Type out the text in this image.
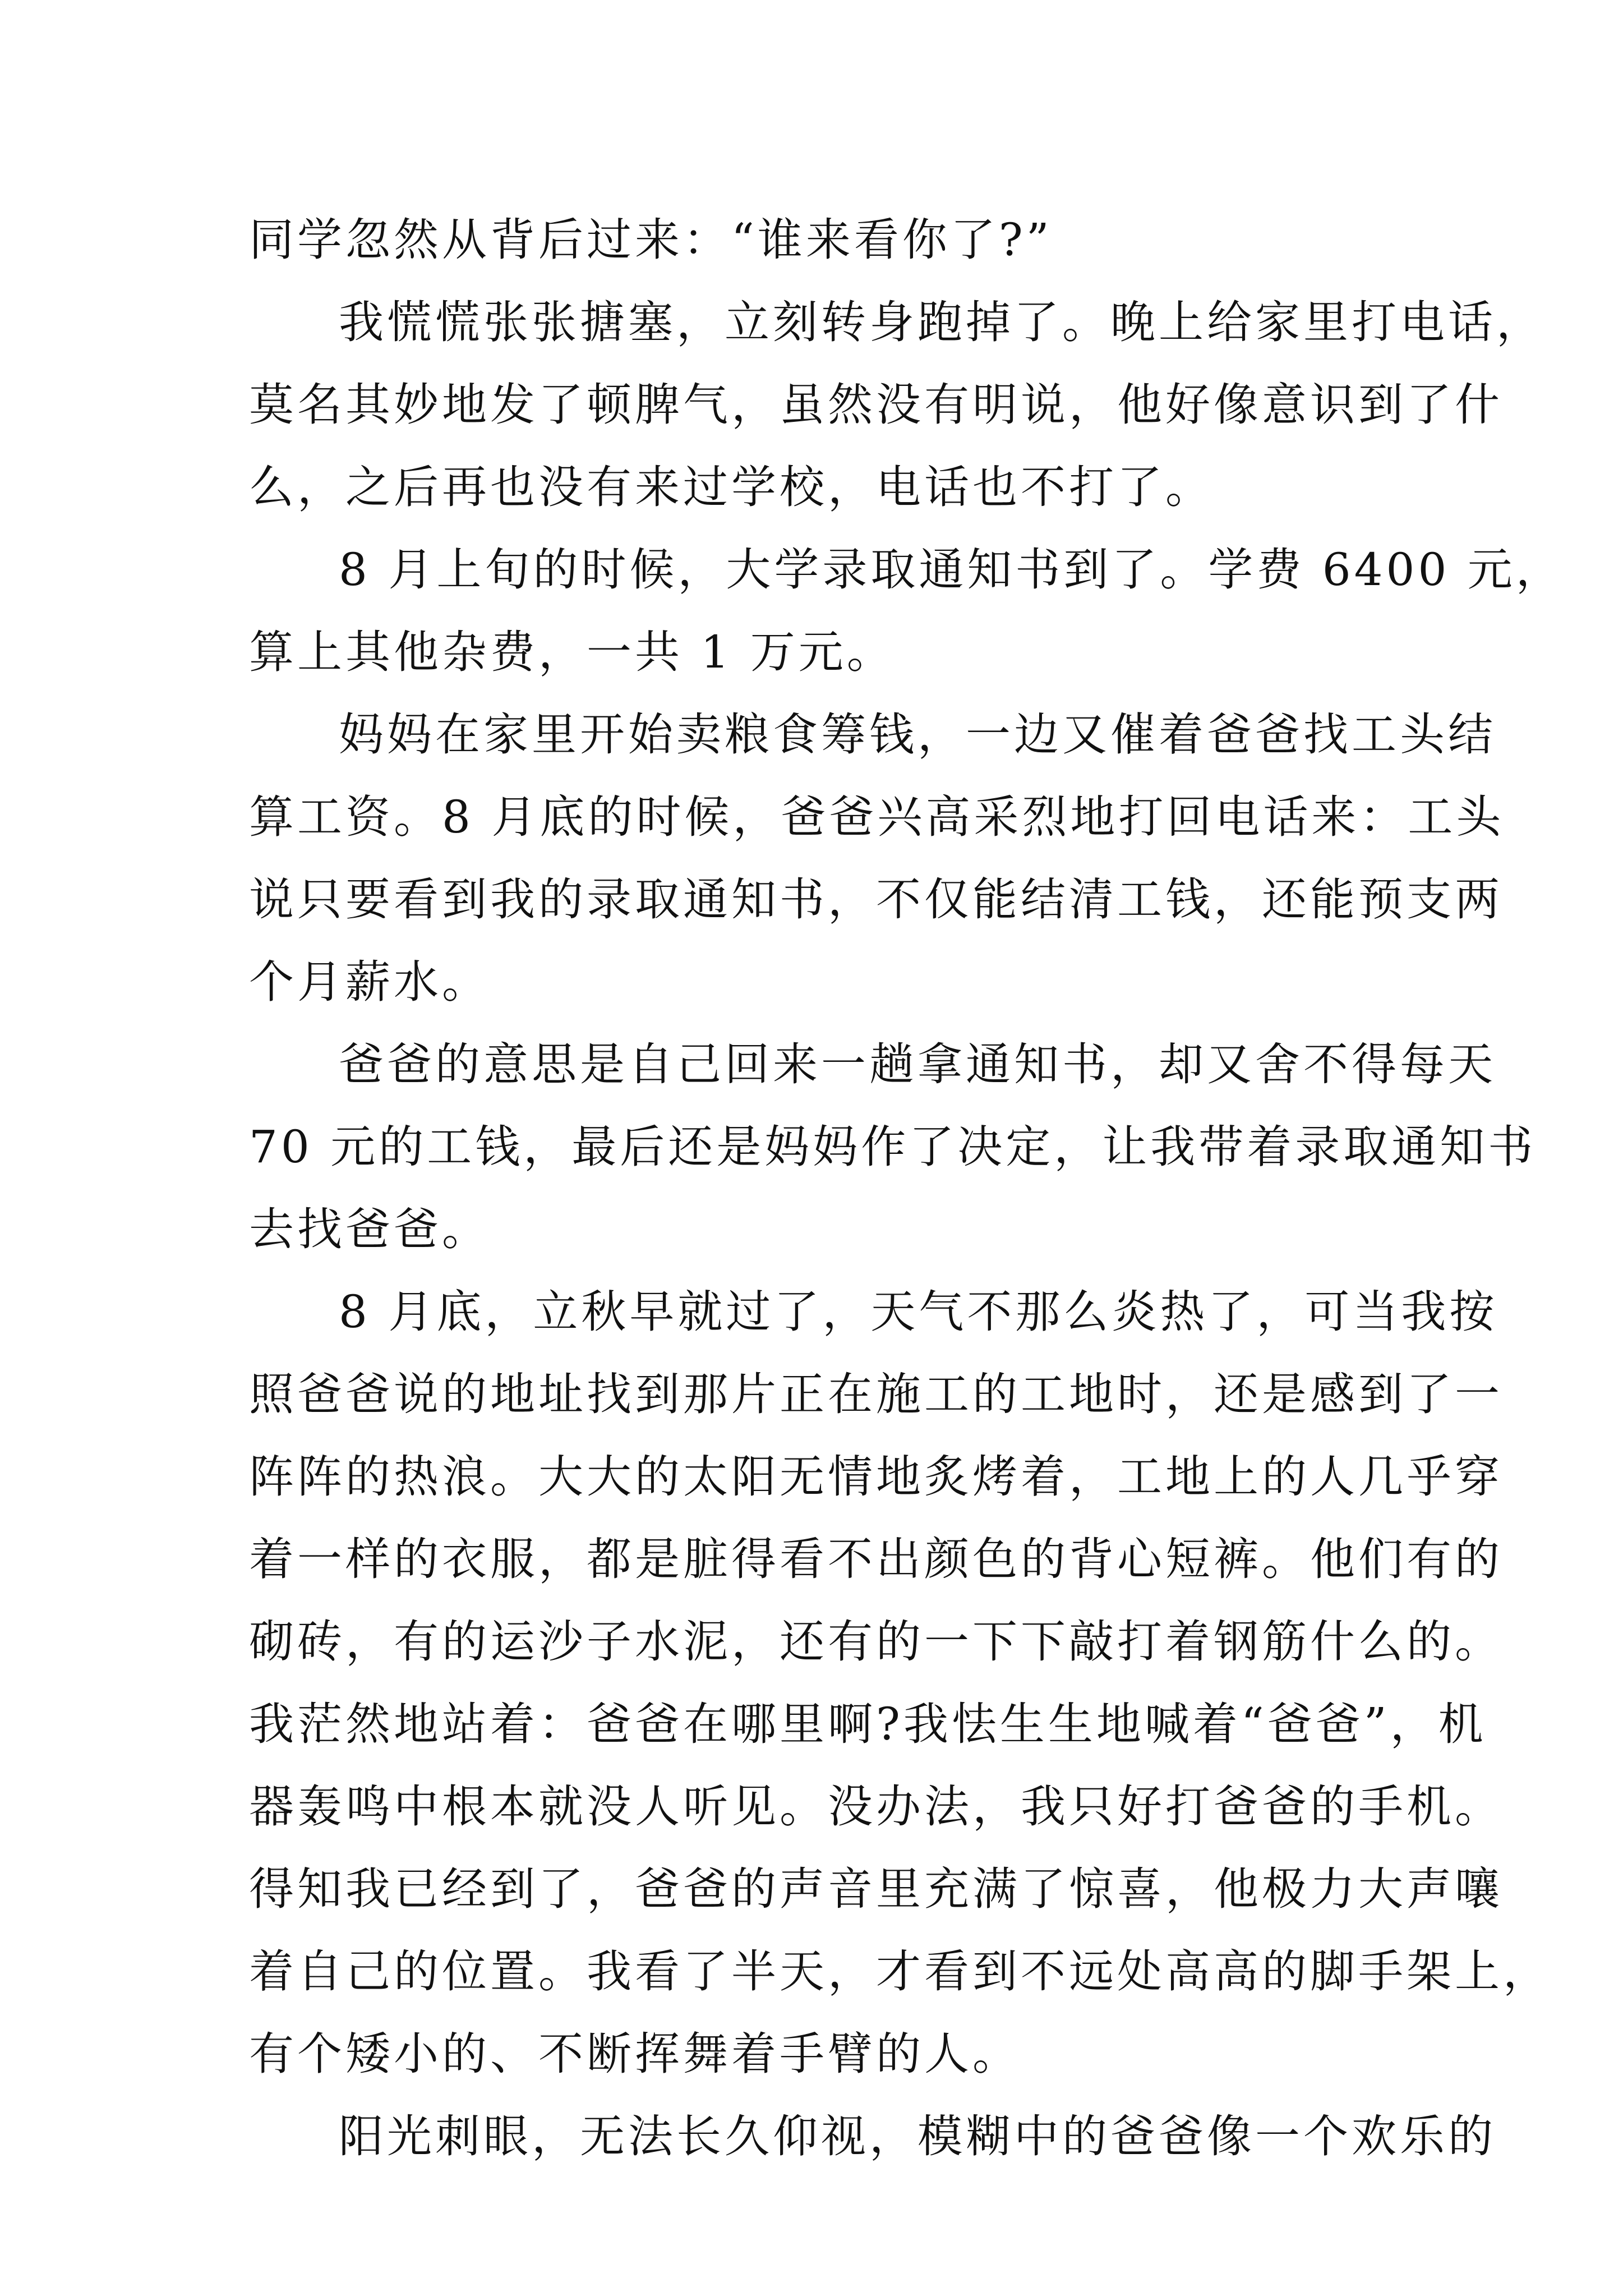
同学忽然从背后过来：“谁来看你了?”
我慌慌张张搪塞，立刻转身跑掉了。晚上给家里打电话，
莫名其妙地发了顿脾气，虽然没有明说，他好像意识到了什
么，之后再也没有来过学校，电话也不打了。
8 月上旬的时候，大学录取通知书到了。学费 6400 元，
算上其他杂费，一共 1 万元。
妈妈在家里开始卖粮食筹钱，一边又催着爸爸找工头结
算工资。8 月底的时候，爸爸兴高采烈地打回电话来：工头
说只要看到我的录取通知书，不仅能结清工钱，还能预支两
个月薪水。
爸爸的意思是自己回来一趟拿通知书，却又舍不得每天
70 元的工钱，最后还是妈妈作了决定，让我带着录取通知书
去找爸爸。
8 月底，立秋早就过了，天气不那么炎热了，可当我按
照爸爸说的地址找到那片正在施工的工地时，还是感到了一
阵阵的热浪。大大的太阳无情地炙烤着，工地上的人几乎穿
着一样的衣服，都是脏得看不出颜色的背心短裤。他们有的
砌砖，有的运沙子水泥，还有的一下下敲打着钢筋什么的。
我茫然地站着：爸爸在哪里啊?我怯生生地喊着“爸爸”，机
器轰鸣中根本就没人听见。没办法，我只好打爸爸的手机。
得知我已经到了，爸爸的声音里充满了惊喜，他极力大声嚷
着自己的位置。我看了半天，才看到不远处高高的脚手架上，
有个矮小的、不断挥舞着手臂的人。
阳光刺眼，无法长久仰视，模糊中的爸爸像一个欢乐的
